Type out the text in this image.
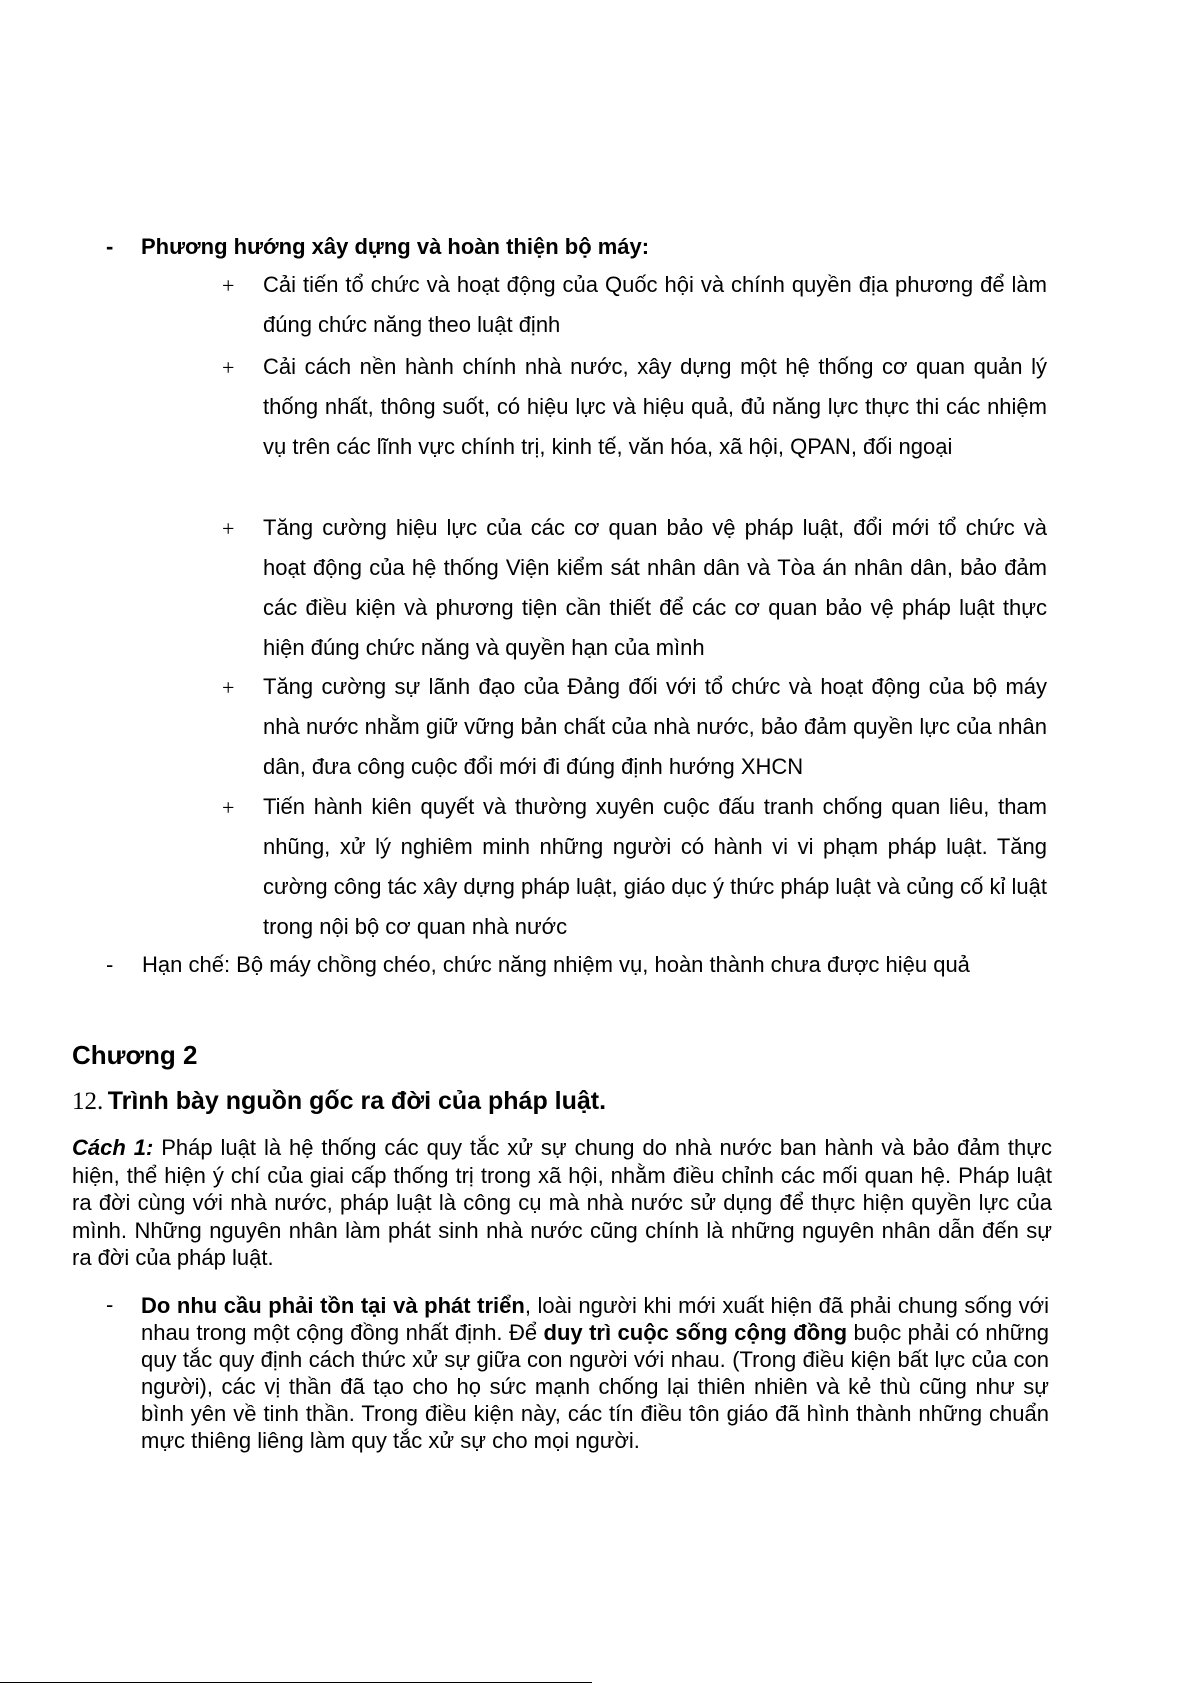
- Phương hướng xây dựng và hoàn thiện bộ máy:
+ Cải tiến tổ chức và hoạt động của Quốc hội và chính quyền địa phương để làm đúng chức năng theo luật định
+ Cải cách nền hành chính nhà nước, xây dựng một hệ thống cơ quan quản lý thống nhất, thông suốt, có hiệu lực và hiệu quả, đủ năng lực thực thi các nhiệm vụ trên các lĩnh vực chính trị, kinh tế, văn hóa, xã hội, QPAN, đối ngoại
+ Tăng cường hiệu lực của các cơ quan bảo vệ pháp luật, đổi mới tổ chức và hoạt động của hệ thống Viện kiểm sát nhân dân và Tòa án nhân dân, bảo đảm các điều kiện và phương tiện cần thiết để các cơ quan bảo vệ pháp luật thực hiện đúng chức năng và quyền hạn của mình
+ Tăng cường sự lãnh đạo của Đảng đối với tổ chức và hoạt động của bộ máy nhà nước nhằm giữ vững bản chất của nhà nước, bảo đảm quyền lực của nhân dân, đưa công cuộc đổi mới đi đúng định hướng XHCN
+ Tiến hành kiên quyết và thường xuyên cuộc đấu tranh chống quan liêu, tham nhũng, xử lý nghiêm minh những người có hành vi vi phạm pháp luật. Tăng cường công tác xây dựng pháp luật, giáo dục ý thức pháp luật và củng cố kỉ luật trong nội bộ cơ quan nhà nước
- Hạn chế: Bộ máy chồng chéo, chức năng nhiệm vụ, hoàn thành chưa được hiệu quả
Chương 2
12. Trình bày nguồn gốc ra đời của pháp luật.
Cách 1: Pháp luật là hệ thống các quy tắc xử sự chung do nhà nước ban hành và bảo đảm thực hiện, thể hiện ý chí của giai cấp thống trị trong xã hội, nhằm điều chỉnh các mối quan hệ. Pháp luật ra đời cùng với nhà nước, pháp luật là công cụ mà nhà nước sử dụng để thực hiện quyền lực của mình. Những nguyên nhân làm phát sinh nhà nước cũng chính là những nguyên nhân dẫn đến sự ra đời của pháp luật.
- Do nhu cầu phải tồn tại và phát triển, loài người khi mới xuất hiện đã phải chung sống với nhau trong một cộng đồng nhất định. Để duy trì cuộc sống cộng đồng buộc phải có những quy tắc quy định cách thức xử sự giữa con người với nhau. (Trong điều kiện bất lực của con người), các vị thần đã tạo cho họ sức mạnh chống lại thiên nhiên và kẻ thù cũng như sự bình yên về tinh thần. Trong điều kiện này, các tín điều tôn giáo đã hình thành những chuẩn mực thiêng liêng làm quy tắc xử sự cho mọi người.
